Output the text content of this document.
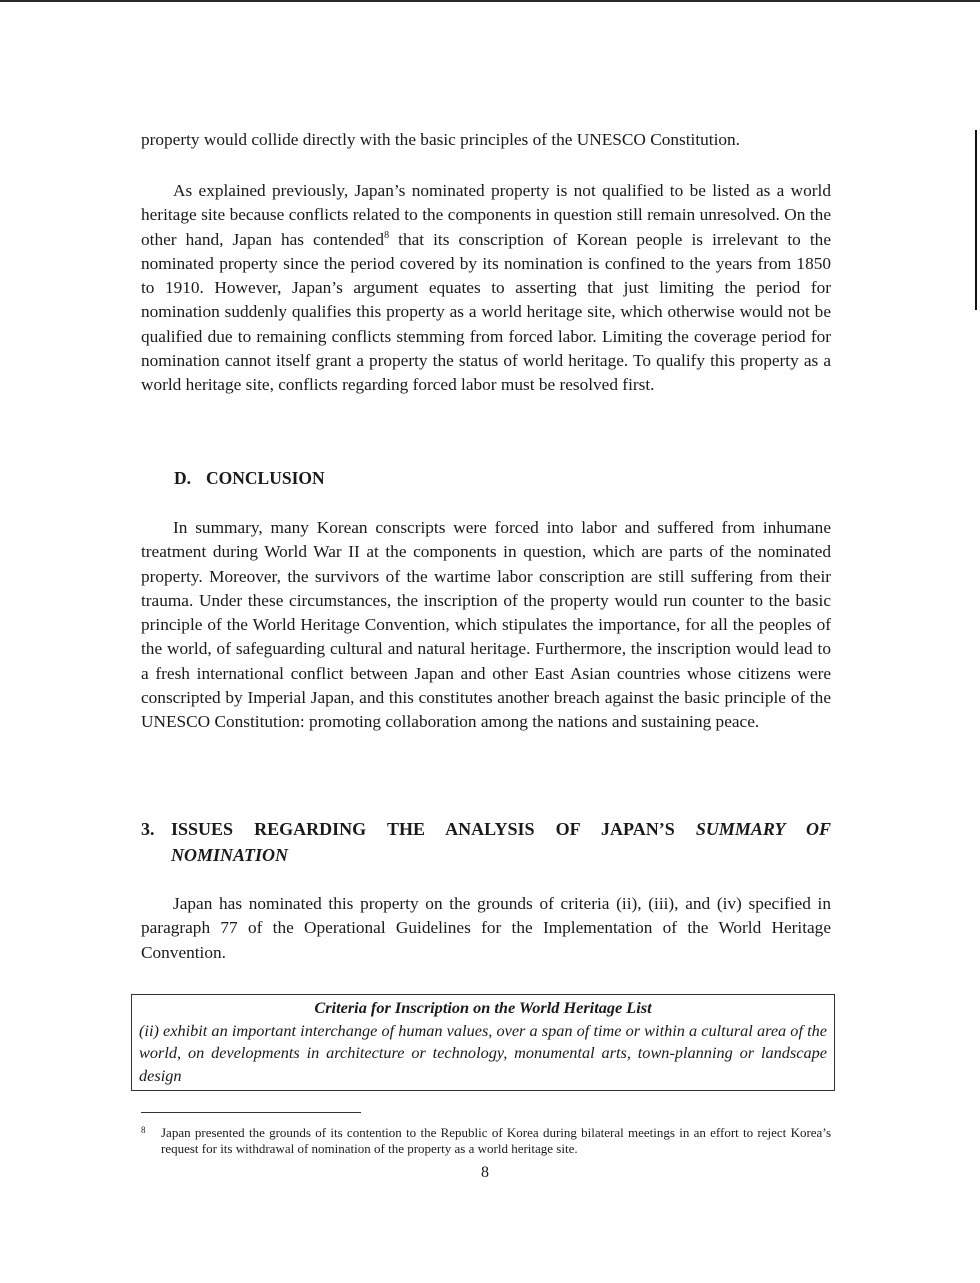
property would collide directly with the basic principles of the UNESCO Constitution.

As explained previously, Japan’s nominated property is not qualified to be listed as a world heritage site because conflicts related to the components in question still remain unresolved. On the other hand, Japan has contended$^8$ that its conscription of Korean people is irrelevant to the nominated property since the period covered by its nomination is confined to the years from 1850 to 1910. However, Japan’s argument equates to asserting that just limiting the period for nomination suddenly qualifies this property as a world heritage site, which otherwise would not be qualified due to remaining conflicts stemming from forced labor. Limiting the coverage period for nomination cannot itself grant a property the status of world heritage. To qualify this property as a world heritage site, conflicts regarding forced labor must be resolved first.

D. CONCLUSION

In summary, many Korean conscripts were forced into labor and suffered from inhumane treatment during World War II at the components in question, which are parts of the nominated property. Moreover, the survivors of the wartime labor conscription are still suffering from their trauma. Under these circumstances, the inscription of the property would run counter to the basic principle of the World Heritage Convention, which stipulates the importance, for all the peoples of the world, of safeguarding cultural and natural heritage. Furthermore, the inscription would lead to a fresh international conflict between Japan and other East Asian countries whose citizens were conscripted by Imperial Japan, and this constitutes another breach against the basic principle of the UNESCO Constitution: promoting collaboration among the nations and sustaining peace.

3. ISSUES REGARDING THE ANALYSIS OF JAPAN’S SUMMARY OF
NOMINATION

Japan has nominated this property on the grounds of criteria (ii), (iii), and (iv) specified in paragraph 77 of the Operational Guidelines for the Implementation of the World Heritage Convention.

Criteria for Inscription on the World Heritage List

(ii) exhibit an important interchange of human values, over a span of time or within a cultural area of the world, on developments in architecture or technology, monumental arts, town-planning or landscape design

8 Japan presented the grounds of its contention to the Republic of Korea during bilateral meetings in an effort to reject Korea’s request for its withdrawal of nomination of the property as a world heritage site.

8
